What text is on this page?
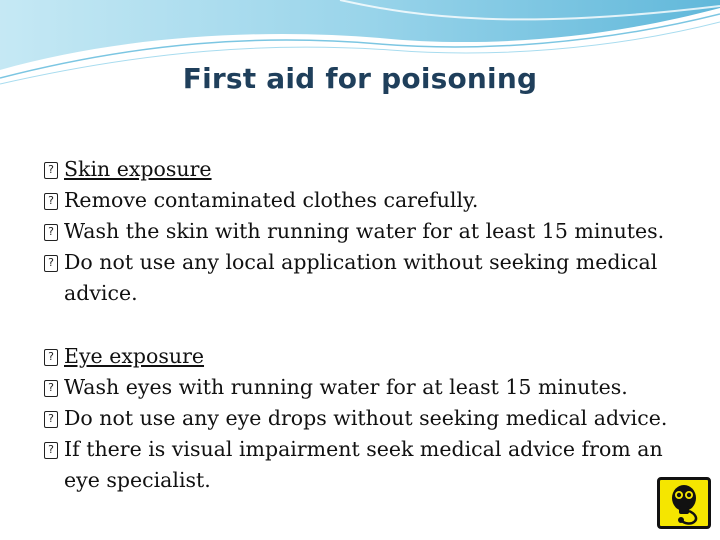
First aid for poisoning
? Skin exposure
? Remove contaminated clothes carefully.
? Wash the skin with running water for at least 15 minutes.
? Do not use any local application without seeking medical advice.
? Eye exposure
? Wash eyes with running water for at least 15 minutes.
? Do not use any eye drops without seeking medical advice.
? If there is visual impairment seek medical advice from an eye specialist.
